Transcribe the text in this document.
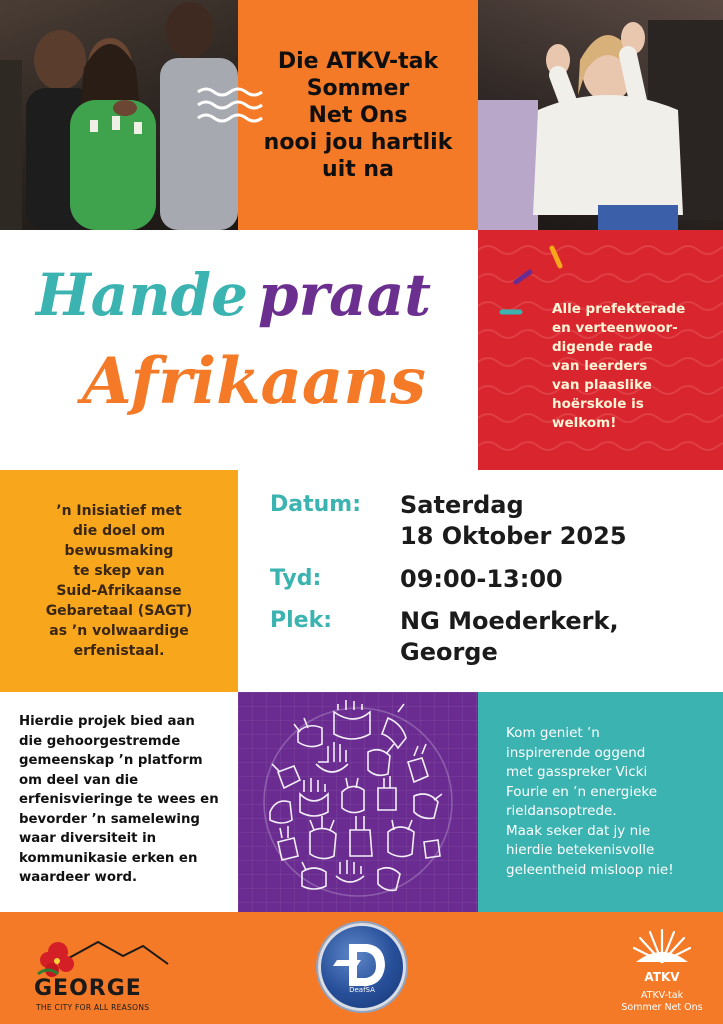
Die ATKV-tak
Sommer
Net Ons
nooi jou hartlik
uit na
Hande praat
Afrikaans
Alle prefekterade
en verteenwoor-
digende rade
van leerders
van plaaslike
hoërskole is
welkom!
’n Inisiatief met
die doel om
bewusmaking
te skep van
Suid-Afrikaanse
Gebaretaal (SAGT)
as ’n volwaardige
erfenistaal.
Datum: Saterdag
18 Oktober 2025
Tyd:	09:00-13:00
Plek:	NG Moederkerk,
George
Hierdie projek bied aan
die gehoorgestremde
gemeenskap ’n platform
om deel van die
erfenisvieringe te wees en
bevorder ’n samelewing
waar diversiteit in
kommunikasie erken en
waardeer word.
Kom geniet ’n
inspirerende oggend
met gasspreker Vicki
Fourie en ’n energieke
rieldansoptrede.
Maak seker dat jy nie
hierdie betekenisvolle
geleentheid misloop nie!
GEORGE
THE CITY FOR ALL REASONS
DeafSA
ATKV
ATKV-tak
Sommer Net Ons
